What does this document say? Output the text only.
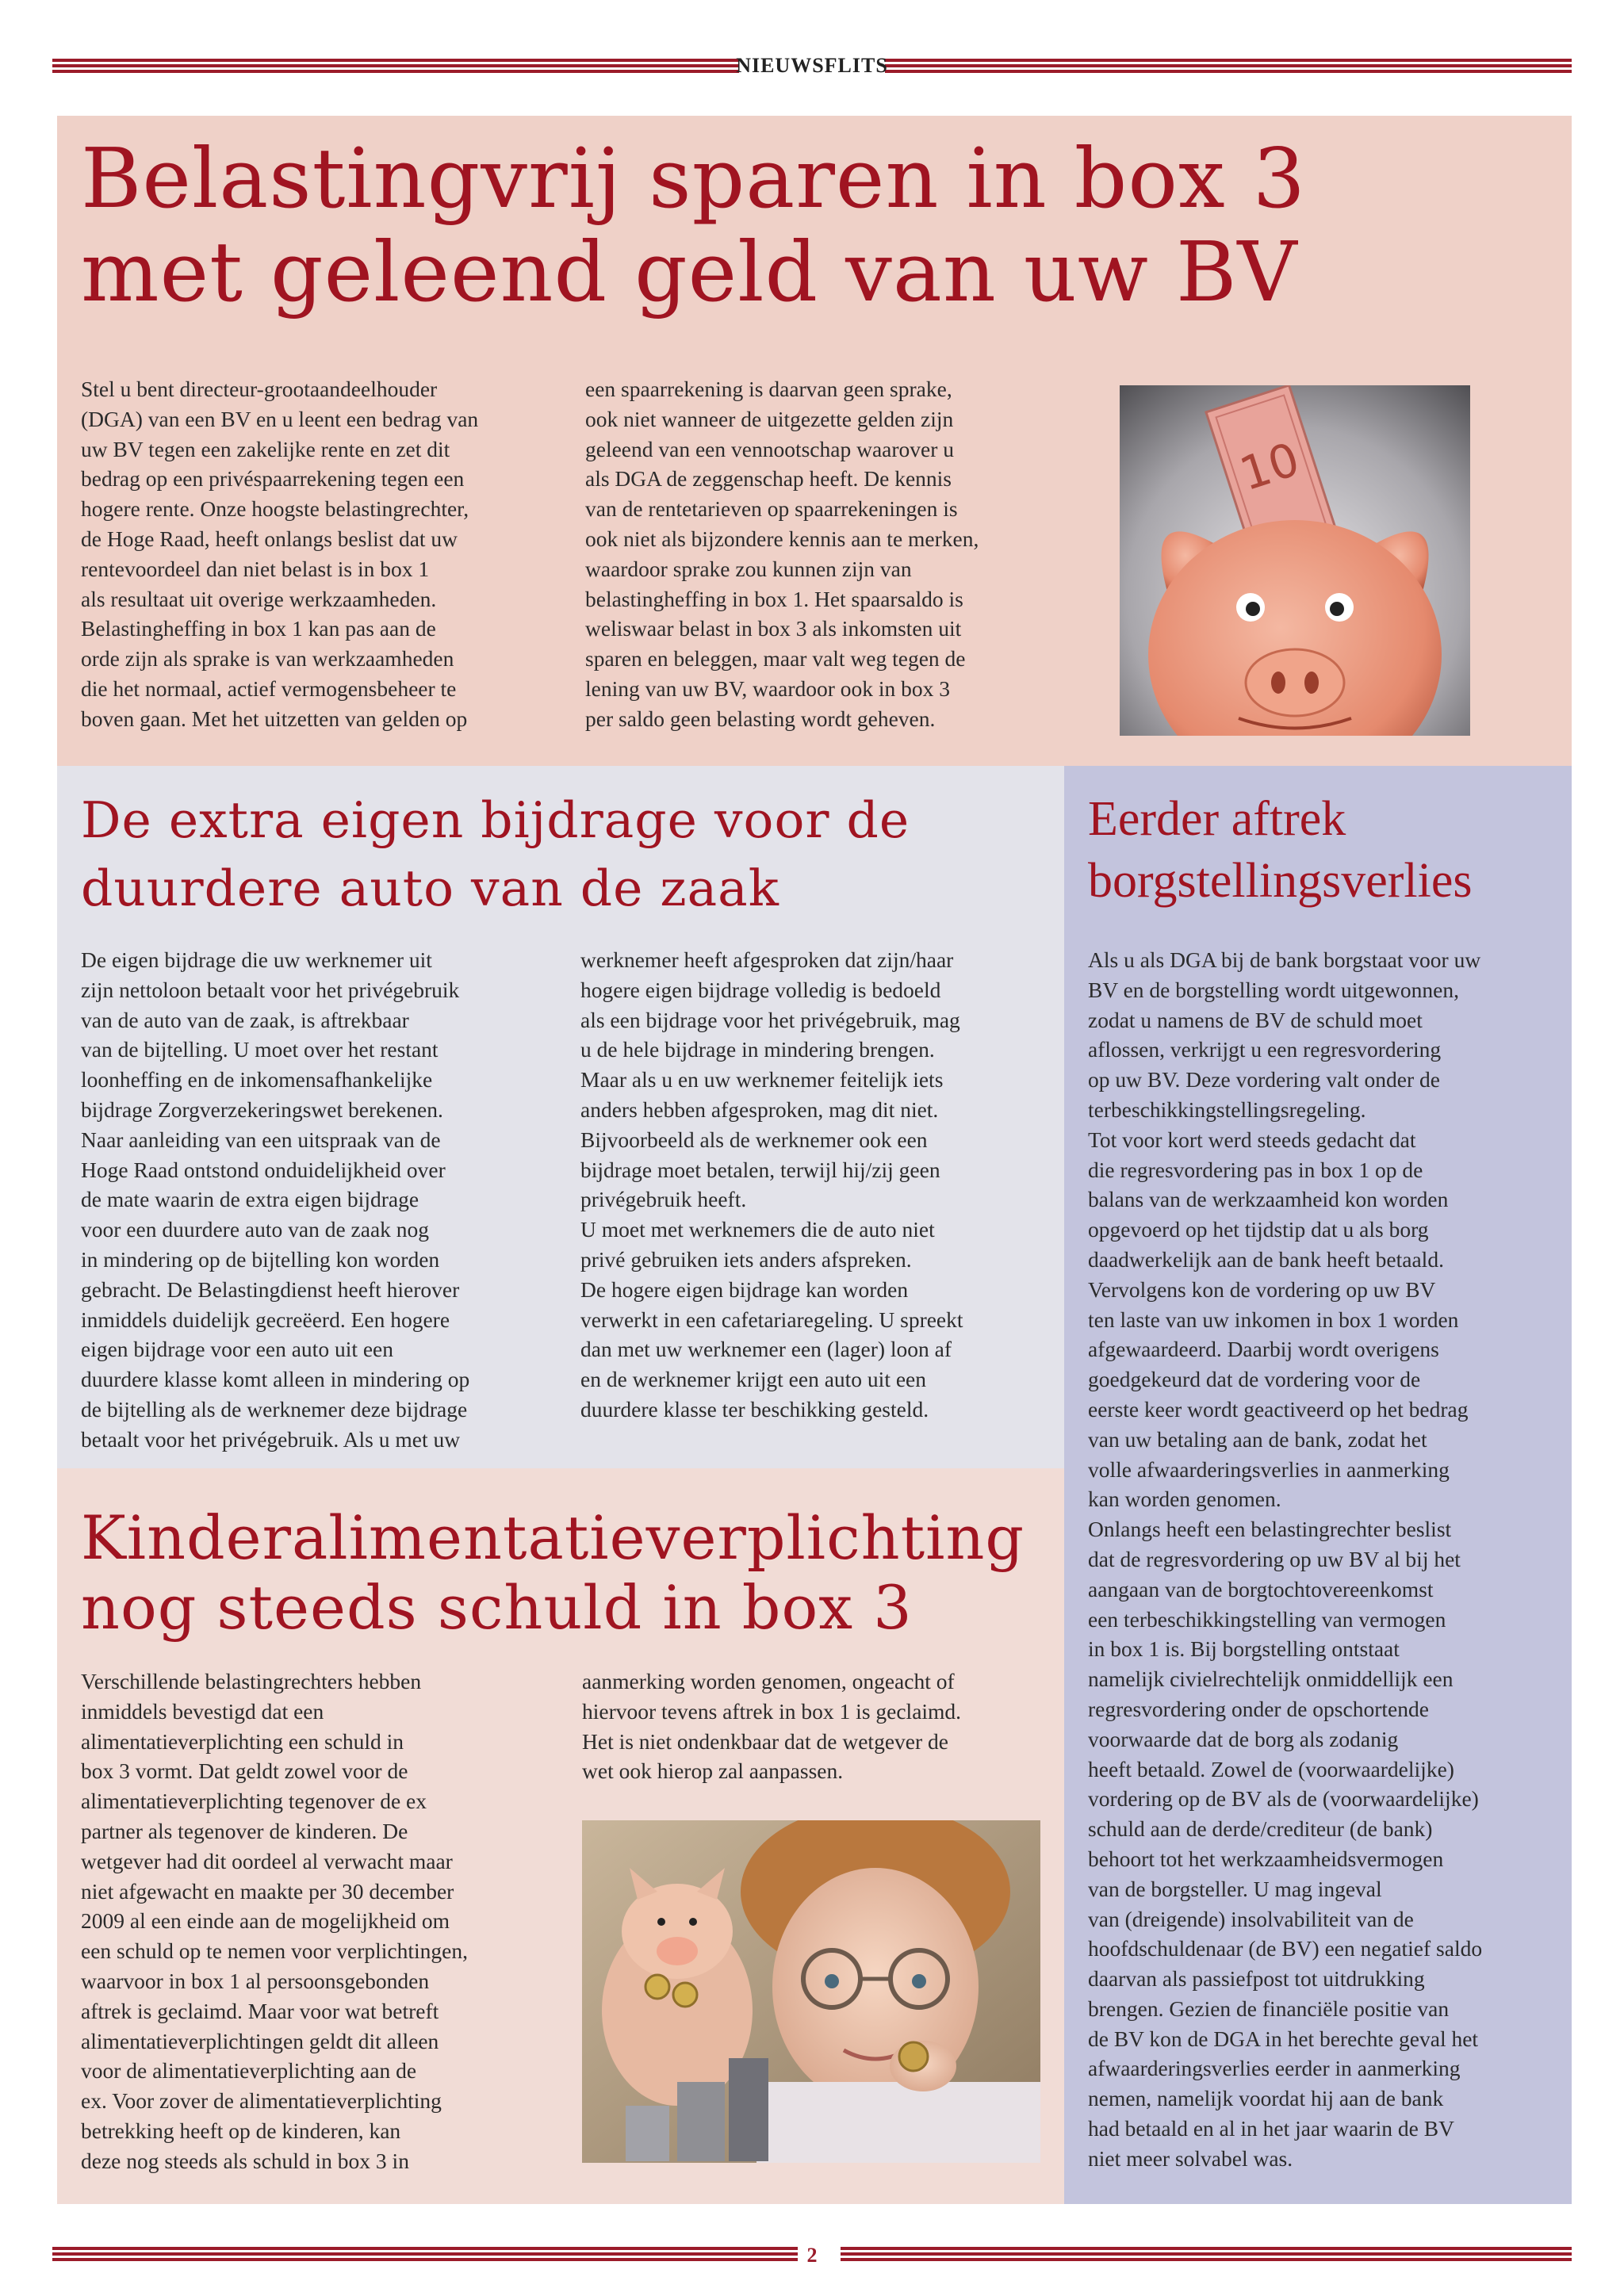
NIEUWSFLITS
Belastingvrij sparen in box 3
met geleend geld van uw BV

Stel u bent directeur-grootaandeelhouder
(DGA) van een BV en u leent een bedrag van
uw BV tegen een zakelijke rente en zet dit
bedrag op een privéspaarrekening tegen een
hogere rente. Onze hoogste belastingrechter,
de Hoge Raad, heeft onlangs beslist dat uw
rentevoordeel dan niet belast is in box 1
als resultaat uit overige werkzaamheden.
Belastingheffing in box 1 kan pas aan de
orde zijn als sprake is van werkzaamheden
die het normaal, actief vermogensbeheer te
boven gaan. Met het uitzetten van gelden op

een spaarrekening is daarvan geen sprake,
ook niet wanneer de uitgezette gelden zijn
geleend van een vennootschap waarover u
als DGA de zeggenschap heeft. De kennis
van de rentetarieven op spaarrekeningen is
ook niet als bijzondere kennis aan te merken,
waardoor sprake zou kunnen zijn van
belastingheffing in box 1. Het spaarsaldo is
weliswaar belast in box 3 als inkomsten uit
sparen en beleggen, maar valt weg tegen de
lening van uw BV, waardoor ook in box 3
per saldo geen belasting wordt geheven.

10
De extra eigen bijdrage voor de
duurdere auto van de zaak

De eigen bijdrage die uw werknemer uit
zijn nettoloon betaalt voor het privégebruik
van de auto van de zaak, is aftrekbaar
van de bijtelling. U moet over het restant
loonheffing en de inkomensafhankelijke
bijdrage Zorgverzekeringswet berekenen.
Naar aanleiding van een uitspraak van de
Hoge Raad ontstond onduidelijkheid over
de mate waarin de extra eigen bijdrage
voor een duurdere auto van de zaak nog
in mindering op de bijtelling kon worden
gebracht. De Belastingdienst heeft hierover
inmiddels duidelijk gecreëerd. Een hogere
eigen bijdrage voor een auto uit een
duurdere klasse komt alleen in mindering op
de bijtelling als de werknemer deze bijdrage
betaalt voor het privégebruik. Als u met uw

werknemer heeft afgesproken dat zijn/haar
hogere eigen bijdrage volledig is bedoeld
als een bijdrage voor het privégebruik, mag
u de hele bijdrage in mindering brengen.
Maar als u en uw werknemer feitelijk iets
anders hebben afgesproken, mag dit niet.
Bijvoorbeeld als de werknemer ook een
bijdrage moet betalen, terwijl hij/zij geen
privégebruik heeft.
U moet met werknemers die de auto niet
privé gebruiken iets anders afspreken.
De hogere eigen bijdrage kan worden
verwerkt in een cafetariaregeling. U spreekt
dan met uw werknemer een (lager) loon af
en de werknemer krijgt een auto uit een
duurdere klasse ter beschikking gesteld.

Eerder aftrek
borgstellingsverlies

Als u als DGA bij de bank borgstaat voor uw
BV en de borgstelling wordt uitgewonnen,
zodat u namens de BV de schuld moet
aflossen, verkrijgt u een regresvordering
op uw BV. Deze vordering valt onder de
terbeschikkingstellingsregeling.
Tot voor kort werd steeds gedacht dat
die regresvordering pas in box 1 op de
balans van de werkzaamheid kon worden
opgevoerd op het tijdstip dat u als borg
daadwerkelijk aan de bank heeft betaald.
Vervolgens kon de vordering op uw BV
ten laste van uw inkomen in box 1 worden
afgewaardeerd. Daarbij wordt overigens
goedgekeurd dat de vordering voor de
eerste keer wordt geactiveerd op het bedrag
van uw betaling aan de bank, zodat het
volle afwaarderingsverlies in aanmerking
kan worden genomen.
Onlangs heeft een belastingrechter beslist
dat de regresvordering op uw BV al bij het
aangaan van de borgtochtovereenkomst
een terbeschikkingstelling van vermogen
in box 1 is. Bij borgstelling ontstaat
namelijk civielrechtelijk onmiddellijk een
regresvordering onder de opschortende
voorwaarde dat de borg als zodanig
heeft betaald. Zowel de (voorwaardelijke)
vordering op de BV als de (voorwaardelijke)
schuld aan de derde/crediteur (de bank)
behoort tot het werkzaamheidsvermogen
van de borgsteller. U mag ingeval
van (dreigende) insolvabiliteit van de
hoofdschuldenaar (de BV) een negatief saldo
daarvan als passiefpost tot uitdrukking
brengen. Gezien de financiële positie van
de BV kon de DGA in het berechte geval het
afwaarderingsverlies eerder in aanmerking
nemen, namelijk voordat hij aan de bank
had betaald en al in het jaar waarin de BV
niet meer solvabel was.

Kinderalimentatieverplichting
nog steeds schuld in box 3

Verschillende belastingrechters hebben
inmiddels bevestigd dat een
alimentatieverplichting een schuld in
box 3 vormt. Dat geldt zowel voor de
alimentatieverplichting tegenover de ex
partner als tegenover de kinderen. De
wetgever had dit oordeel al verwacht maar
niet afgewacht en maakte per 30 december
2009 al een einde aan de mogelijkheid om
een schuld op te nemen voor verplichtingen,
waarvoor in box 1 al persoonsgebonden
aftrek is geclaimd. Maar voor wat betreft
alimentatieverplichtingen geldt dit alleen
voor de alimentatieverplichting aan de
ex. Voor zover de alimentatieverplichting
betrekking heeft op de kinderen, kan
deze nog steeds als schuld in box 3 in

aanmerking worden genomen, ongeacht of
hiervoor tevens aftrek in box 1 is geclaimd.
Het is niet ondenkbaar dat de wetgever de
wet ook hierop zal aanpassen.

2
